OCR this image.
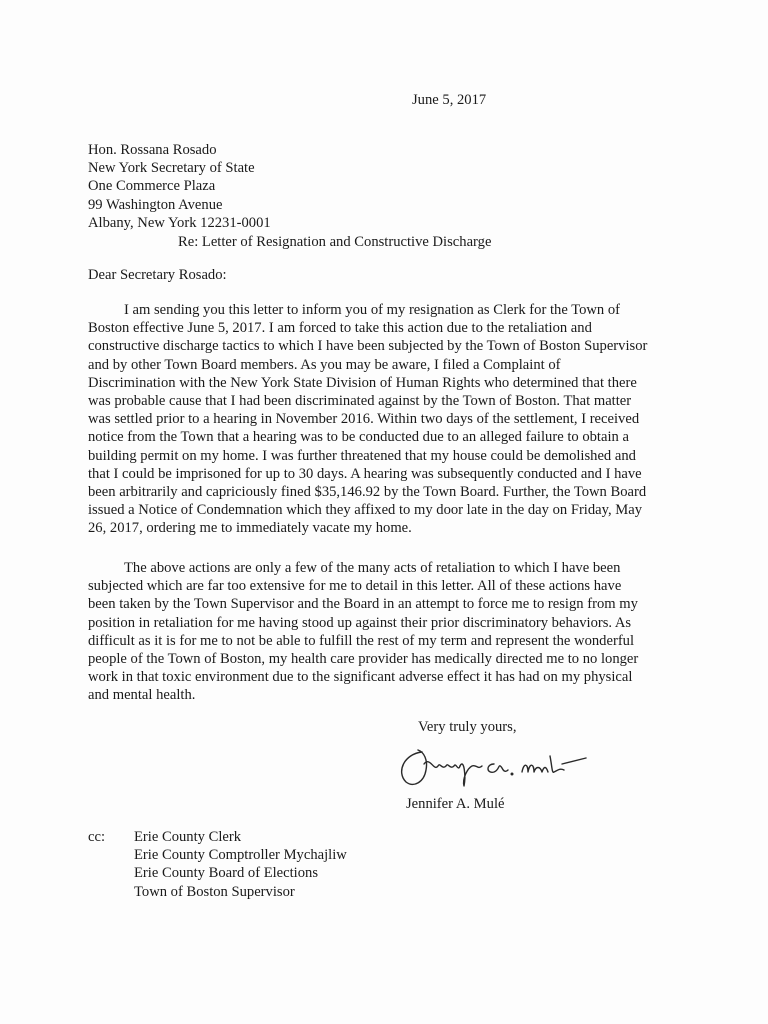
June 5, 2017
Hon. Rossana Rosado
New York Secretary of State
One Commerce Plaza
99 Washington Avenue
Albany, New York 12231-0001
Re: Letter of Resignation and Constructive Discharge
Dear Secretary Rosado:
I am sending you this letter to inform you of my resignation as Clerk for the Town of
Boston effective June 5, 2017. I am forced to take this action due to the retaliation and
constructive discharge tactics to which I have been subjected by the Town of Boston Supervisor
and by other Town Board members. As you may be aware, I filed a Complaint of
Discrimination with the New York State Division of Human Rights who determined that there
was probable cause that I had been discriminated against by the Town of Boston. That matter
was settled prior to a hearing in November 2016. Within two days of the settlement, I received
notice from the Town that a hearing was to be conducted due to an alleged failure to obtain a
building permit on my home. I was further threatened that my house could be demolished and
that I could be imprisoned for up to 30 days. A hearing was subsequently conducted and I have
been arbitrarily and capriciously fined $35,146.92 by the Town Board. Further, the Town Board
issued a Notice of Condemnation which they affixed to my door late in the day on Friday, May
26, 2017, ordering me to immediately vacate my home.
The above actions are only a few of the many acts of retaliation to which I have been
subjected which are far too extensive for me to detail in this letter. All of these actions have
been taken by the Town Supervisor and the Board in an attempt to force me to resign from my
position in retaliation for me having stood up against their prior discriminatory behaviors. As
difficult as it is for me to not be able to fulfill the rest of my term and represent the wonderful
people of the Town of Boston, my health care provider has medically directed me to no longer
work in that toxic environment due to the significant adverse effect it has had on my physical
and mental health.
Very truly yours,
Jennifer A. Mulé
cc: Erie County Clerk
Erie County Comptroller Mychajliw
Erie County Board of Elections
Town of Boston Supervisor
